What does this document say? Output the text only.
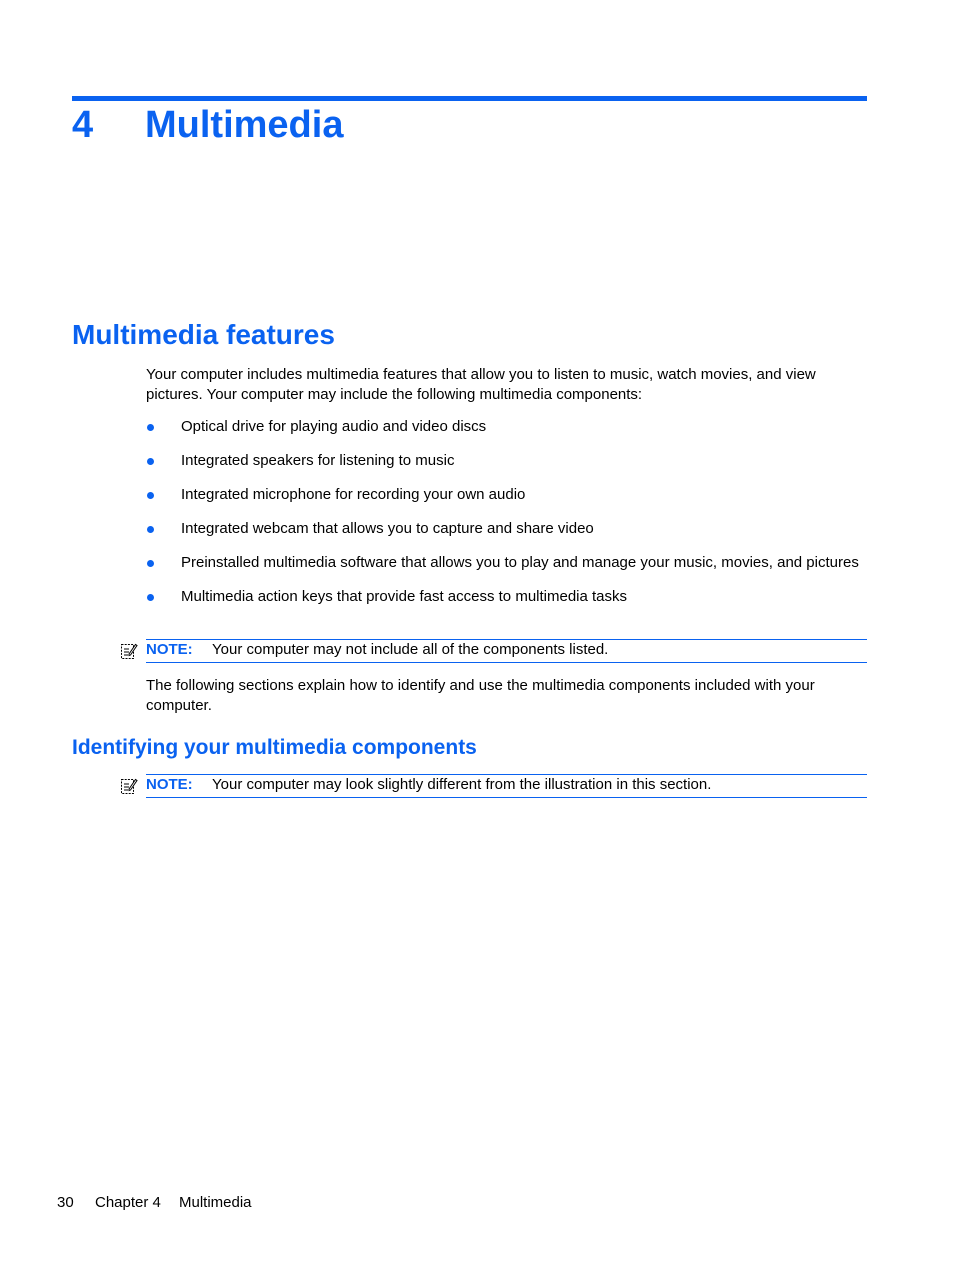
4 Multimedia
Multimedia features

Your computer includes multimedia features that allow you to listen to music, watch movies, and view pictures. Your computer may include the following multimedia components:

Optical drive for playing audio and video discs
Integrated speakers for listening to music
Integrated microphone for recording your own audio
Integrated webcam that allows you to capture and share video
Preinstalled multimedia software that allows you to play and manage your music, movies, and pictures
Multimedia action keys that provide fast access to multimedia tasks
NOTE: Your computer may not include all of the components listed.

The following sections explain how to identify and use the multimedia components included with your computer.

Identifying your multimedia components
NOTE: Your computer may look slightly different from the illustration in this section.
30 Chapter 4 Multimedia
